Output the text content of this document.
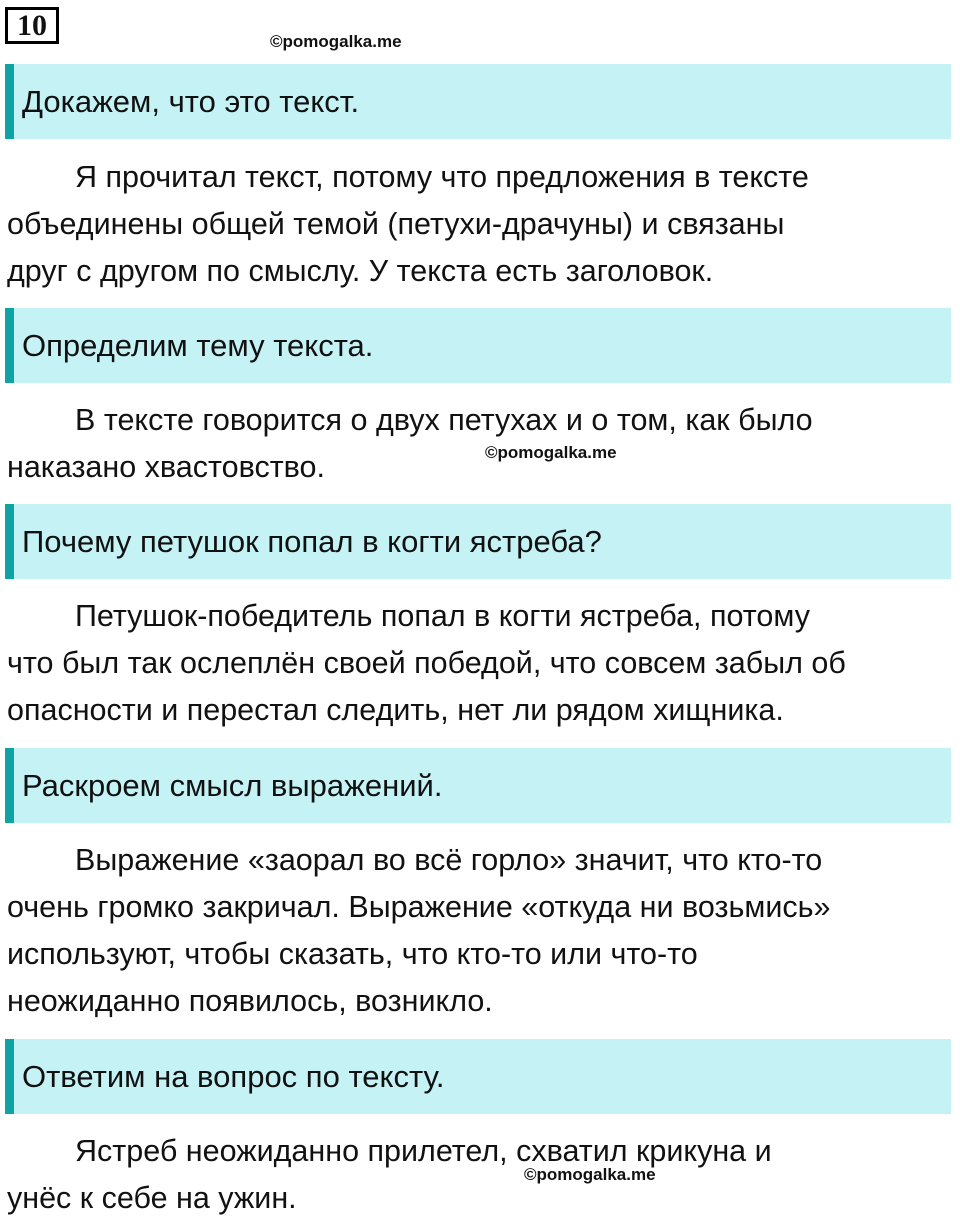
10	©pomogalka.me
©pomogalka.me
©pomogalka.me
Докажем, что это текст.

Я прочитал текст, потому что предложения в тексте
объединены общей темой (петухи-драчуны) и связаны
друг с другом по смыслу. У текста есть заголовок.

Определим тему текста.

В тексте говорится о двух петухах и о том, как было
наказано хвастовство.

Почему петушок попал в когти ястреба?

Петушок-победитель попал в когти ястреба, потому
что был так ослеплён своей победой, что совсем забыл об
опасности и перестал следить, нет ли рядом хищника.

Раскроем смысл выражений.

Выражение «заорал во всё горло» значит, что кто-то
очень громко закричал. Выражение «откуда ни возьмись»
используют, чтобы сказать, что кто-то или что-то
неожиданно появилось, возникло.

Ответим на вопрос по тексту.

Ястреб неожиданно прилетел, схватил крикуна и
унёс к себе на ужин.
